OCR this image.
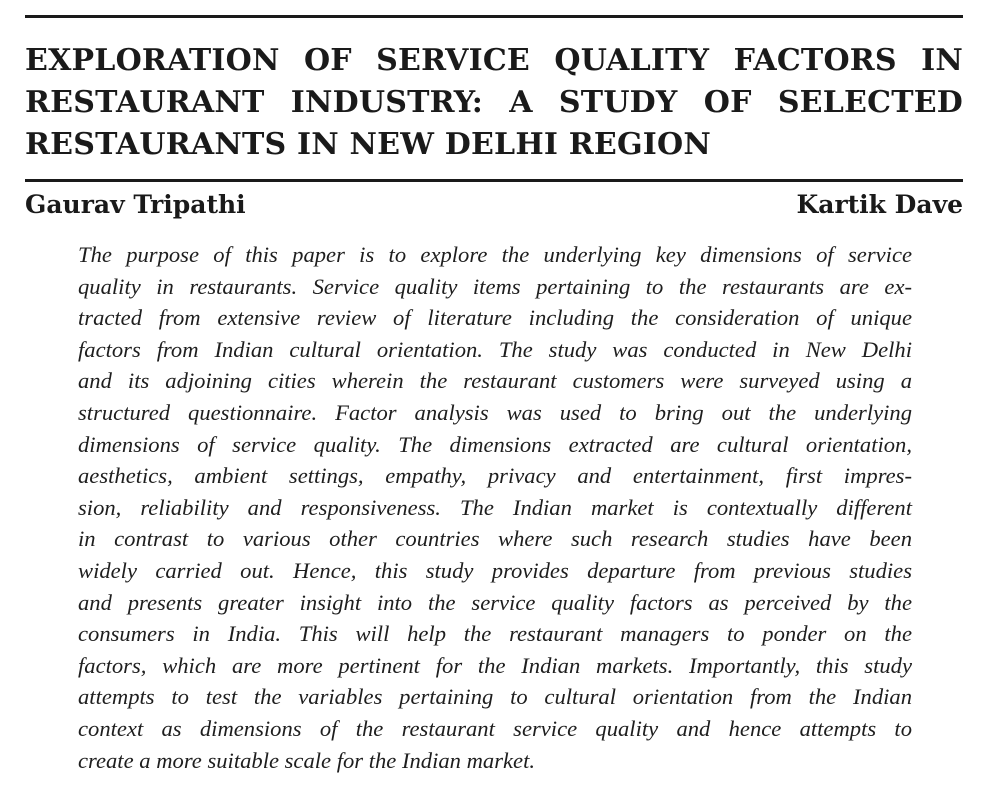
EXPLORATION OF SERVICE QUALITY FACTORS IN
RESTAURANT INDUSTRY: A STUDY OF SELECTED
RESTAURANTS IN NEW DELHI REGION
Gaurav Tripathi	Kartik Dave
The purpose of this paper is to explore the underlying key dimensions of service
quality in restaurants. Service quality items pertaining to the restaurants are ex-
tracted from extensive review of literature including the consideration of unique
factors from Indian cultural orientation. The study was conducted in New Delhi
and its adjoining cities wherein the restaurant customers were surveyed using a
structured questionnaire. Factor analysis was used to bring out the underlying
dimensions of service quality. The dimensions extracted are cultural orientation,
aesthetics, ambient settings, empathy, privacy and entertainment, first impres-
sion, reliability and responsiveness. The Indian market is contextually different
in contrast to various other countries where such research studies have been
widely carried out. Hence, this study provides departure from previous studies
and presents greater insight into the service quality factors as perceived by the
consumers in India. This will help the restaurant managers to ponder on the
factors, which are more pertinent for the Indian markets. Importantly, this study
attempts to test the variables pertaining to cultural orientation from the Indian
context as dimensions of the restaurant service quality and hence attempts to
create a more suitable scale for the Indian market.
